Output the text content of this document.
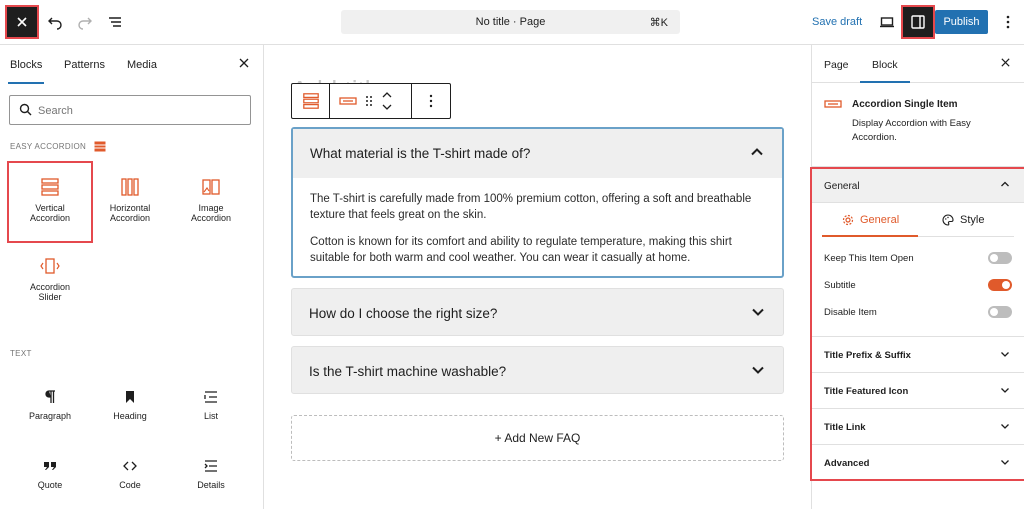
No title · Page	⌘K	Save draft	Publish
Blocks Patterns Media
Search
EASY ACCORDION
Vertical
Accordion
Horizontal
Accordion
Image
Accordion
Accordion
Slider
TEXT
Paragraph	Heading	List
Quote	Code	Details
What material is the T-shirt made of?

The T-shirt is carefully made from 100% premium cotton, offering a soft and breathable texture that feels great on the skin.

Cotton is known for its comfort and ability to regulate temperature, making this shirt suitable for both warm and cool weather. You can wear it casually at home.

How do I choose the right size?
Is the T-shirt machine washable?
+ Add New FAQ
Page Block
Accordion Single Item
Display Accordion with Easy Accordion.
General
General	Style
Keep This Item Open
Subtitle
Disable Item
Title Prefix & Suffix
Title Featured Icon
Title Link
Advanced
